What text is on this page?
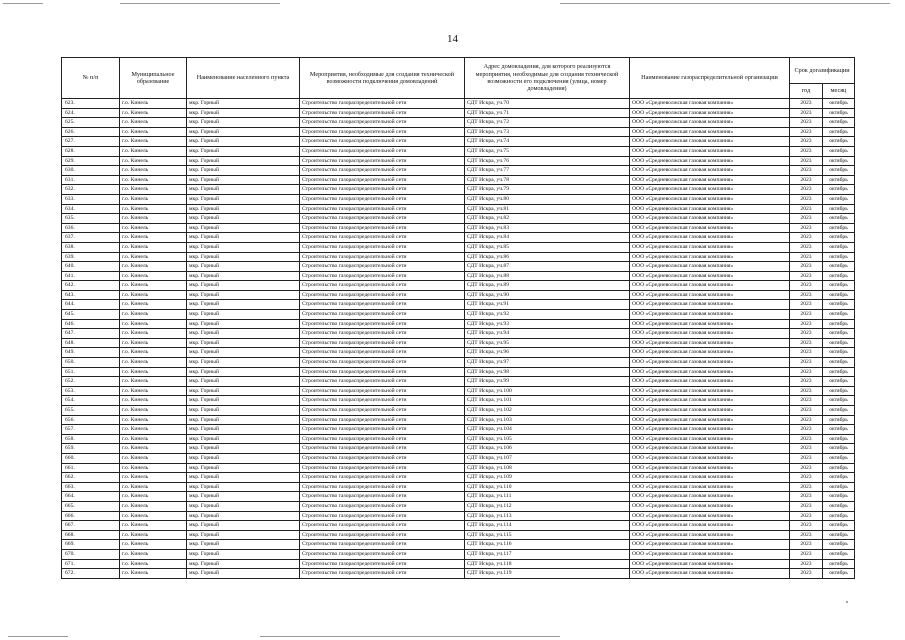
14
№ п/п	Муниципальное образование	Наименование населенного пункта	Мероприятия, необходимые для создания технической возможности подключения домовладений	Адрес домовладения, для которого реализуются мероприятия, необходимые для создания технической возможности его подключения (улица, номер домовладения)	Наименование газораспределительной организации	Срок догазификации	
						год	месяц
623.	г.о. Кинель	мкр. Горный	Строительство газораспределительной сети	СДТ Искра, уч.70	ООО «Средневолжская газовая компания»	2023	октябрь
624.	г.о. Кинель	мкр. Горный	Строительство газораспределительной сети	СДТ Искра, уч.71	ООО «Средневолжская газовая компания»	2023	октябрь
625.	г.о. Кинель	мкр. Горный	Строительство газораспределительной сети	СДТ Искра, уч.72	ООО «Средневолжская газовая компания»	2023	октябрь
626.	г.о. Кинель	мкр. Горный	Строительство газораспределительной сети	СДТ Искра, уч.73	ООО «Средневолжская газовая компания»	2023	октябрь
627.	г.о. Кинель	мкр. Горный	Строительство газораспределительной сети	СДТ Искра, уч.74	ООО «Средневолжская газовая компания»	2023	октябрь
628.	г.о. Кинель	мкр. Горный	Строительство газораспределительной сети	СДТ Искра, уч.75	ООО «Средневолжская газовая компания»	2023	октябрь
629.	г.о. Кинель	мкр. Горный	Строительство газораспределительной сети	СДТ Искра, уч.76	ООО «Средневолжская газовая компания»	2023	октябрь
630.	г.о. Кинель	мкр. Горный	Строительство газораспределительной сети	СДТ Искра, уч.77	ООО «Средневолжская газовая компания»	2023	октябрь
631.	г.о. Кинель	мкр. Горный	Строительство газораспределительной сети	СДТ Искра, уч.78	ООО «Средневолжская газовая компания»	2023	октябрь
632.	г.о. Кинель	мкр. Горный	Строительство газораспределительной сети	СДТ Искра, уч.79	ООО «Средневолжская газовая компания»	2023	октябрь
633.	г.о. Кинель	мкр. Горный	Строительство газораспределительной сети	СДТ Искра, уч.80	ООО «Средневолжская газовая компания»	2023	октябрь
634.	г.о. Кинель	мкр. Горный	Строительство газораспределительной сети	СДТ Искра, уч.81	ООО «Средневолжская газовая компания»	2023	октябрь
635.	г.о. Кинель	мкр. Горный	Строительство газораспределительной сети	СДТ Искра, уч.82	ООО «Средневолжская газовая компания»	2023	октябрь
636.	г.о. Кинель	мкр. Горный	Строительство газораспределительной сети	СДТ Искра, уч.83	ООО «Средневолжская газовая компания»	2023	октябрь
637.	г.о. Кинель	мкр. Горный	Строительство газораспределительной сети	СДТ Искра, уч.84	ООО «Средневолжская газовая компания»	2023	октябрь
638.	г.о. Кинель	мкр. Горный	Строительство газораспределительной сети	СДТ Искра, уч.85	ООО «Средневолжская газовая компания»	2023	октябрь
639.	г.о. Кинель	мкр. Горный	Строительство газораспределительной сети	СДТ Искра, уч.86	ООО «Средневолжская газовая компания»	2023	октябрь
640.	г.о. Кинель	мкр. Горный	Строительство газораспределительной сети	СДТ Искра, уч.87	ООО «Средневолжская газовая компания»	2023	октябрь
641.	г.о. Кинель	мкр. Горный	Строительство газораспределительной сети	СДТ Искра, уч.88	ООО «Средневолжская газовая компания»	2023	октябрь
642.	г.о. Кинель	мкр. Горный	Строительство газораспределительной сети	СДТ Искра, уч.89	ООО «Средневолжская газовая компания»	2023	октябрь
643.	г.о. Кинель	мкр. Горный	Строительство газораспределительной сети	СДТ Искра, уч.90	ООО «Средневолжская газовая компания»	2023	октябрь
644.	г.о. Кинель	мкр. Горный	Строительство газораспределительной сети	СДТ Искра, уч.91	ООО «Средневолжская газовая компания»	2023	октябрь
645.	г.о. Кинель	мкр. Горный	Строительство газораспределительной сети	СДТ Искра, уч.92	ООО «Средневолжская газовая компания»	2023	октябрь
646.	г.о. Кинель	мкр. Горный	Строительство газораспределительной сети	СДТ Искра, уч.93	ООО «Средневолжская газовая компания»	2023	октябрь
647.	г.о. Кинель	мкр. Горный	Строительство газораспределительной сети	СДТ Искра, уч.94	ООО «Средневолжская газовая компания»	2023	октябрь
648.	г.о. Кинель	мкр. Горный	Строительство газораспределительной сети	СДТ Искра, уч.95	ООО «Средневолжская газовая компания»	2023	октябрь
649.	г.о. Кинель	мкр. Горный	Строительство газораспределительной сети	СДТ Искра, уч.96	ООО «Средневолжская газовая компания»	2023	октябрь
650.	г.о. Кинель	мкр. Горный	Строительство газораспределительной сети	СДТ Искра, уч.97	ООО «Средневолжская газовая компания»	2023	октябрь
651.	г.о. Кинель	мкр. Горный	Строительство газораспределительной сети	СДТ Искра, уч.98	ООО «Средневолжская газовая компания»	2023	октябрь
652.	г.о. Кинель	мкр. Горный	Строительство газораспределительной сети	СДТ Искра, уч.99	ООО «Средневолжская газовая компания»	2023	октябрь
653.	г.о. Кинель	мкр. Горный	Строительство газораспределительной сети	СДТ Искра, уч.100	ООО «Средневолжская газовая компания»	2023	октябрь
654.	г.о. Кинель	мкр. Горный	Строительство газораспределительной сети	СДТ Искра, уч.101	ООО «Средневолжская газовая компания»	2023	октябрь
655.	г.о. Кинель	мкр. Горный	Строительство газораспределительной сети	СДТ Искра, уч.102	ООО «Средневолжская газовая компания»	2023	октябрь
656.	г.о. Кинель	мкр. Горный	Строительство газораспределительной сети	СДТ Искра, уч.103	ООО «Средневолжская газовая компания»	2023	октябрь
657.	г.о. Кинель	мкр. Горный	Строительство газораспределительной сети	СДТ Искра, уч.104	ООО «Средневолжская газовая компания»	2023	октябрь
658.	г.о. Кинель	мкр. Горный	Строительство газораспределительной сети	СДТ Искра, уч.105	ООО «Средневолжская газовая компания»	2023	октябрь
659.	г.о. Кинель	мкр. Горный	Строительство газораспределительной сети	СДТ Искра, уч.106	ООО «Средневолжская газовая компания»	2023	октябрь
660.	г.о. Кинель	мкр. Горный	Строительство газораспределительной сети	СДТ Искра, уч.107	ООО «Средневолжская газовая компания»	2023	октябрь
661.	г.о. Кинель	мкр. Горный	Строительство газораспределительной сети	СДТ Искра, уч.108	ООО «Средневолжская газовая компания»	2023	октябрь
662.	г.о. Кинель	мкр. Горный	Строительство газораспределительной сети	СДТ Искра, уч.109	ООО «Средневолжская газовая компания»	2023	октябрь
663.	г.о. Кинель	мкр. Горный	Строительство газораспределительной сети	СДТ Искра, уч.110	ООО «Средневолжская газовая компания»	2023	октябрь
664.	г.о. Кинель	мкр. Горный	Строительство газораспределительной сети	СДТ Искра, уч.111	ООО «Средневолжская газовая компания»	2023	октябрь
665.	г.о. Кинель	мкр. Горный	Строительство газораспределительной сети	СДТ Искра, уч.112	ООО «Средневолжская газовая компания»	2023	октябрь
666.	г.о. Кинель	мкр. Горный	Строительство газораспределительной сети	СДТ Искра, уч.113	ООО «Средневолжская газовая компания»	2023	октябрь
667.	г.о. Кинель	мкр. Горный	Строительство газораспределительной сети	СДТ Искра, уч.114	ООО «Средневолжская газовая компания»	2023	октябрь
668.	г.о. Кинель	мкр. Горный	Строительство газораспределительной сети	СДТ Искра, уч.115	ООО «Средневолжская газовая компания»	2023	октябрь
669.	г.о. Кинель	мкр. Горный	Строительство газораспределительной сети	СДТ Искра, уч.116	ООО «Средневолжская газовая компания»	2023	октябрь
670.	г.о. Кинель	мкр. Горный	Строительство газораспределительной сети	СДТ Искра, уч.117	ООО «Средневолжская газовая компания»	2023	октябрь
671.	г.о. Кинель	мкр. Горный	Строительство газораспределительной сети	СДТ Искра, уч.118	ООО «Средневолжская газовая компания»	2023	октябрь
672.	г.о. Кинель	мкр. Горный	Строительство газораспределительной сети	СДТ Искра, уч.119	ООО «Средневолжская газовая компания»	2023	октябрь
